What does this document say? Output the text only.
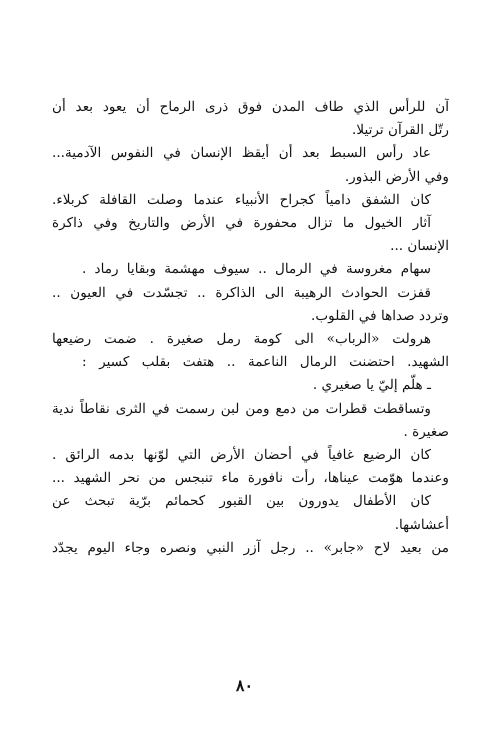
آن للرأس الذي طاف المدن فوق ذرى الرماح أن يعود بعد أن
رتّل القرآن ترتيلا.
عاد رأس السبط بعد أن أيقظ الإنسان في النفوس الآدمية...
وفي الأرض البذور.
كان الشفق دامياً كجراح الأنبياء عندما وصلت القافلة كربلاء.
آثار الخيول ما تزال محفورة في الأرض والتاريخ وفي ذاكرة
الإنسان ...
سهام مغروسة في الرمال .. سيوف مهشمة وبقايا رماد .
قفزت الحوادث الرهيبة الى الذاكرة .. تجسّدت في العيون ..
وتردد صداها في القلوب.
هرولت «الرباب» الى كومة رمل صغيرة . ضمت رضيعها
الشهيد. احتضنت الرمال الناعمة .. هتفت بقلب كسير :
ـ هلّم إليّ يا صغيري .
وتساقطت قطرات من دمع ومن لبن رسمت في الثرى نقاطاً ندية
صغيرة .
كان الرضيع غافياً في أحضان الأرض التي لوّنها بدمه الرائق .
وعندما هوّمت عيناها، رأت نافورة ماء تنبجس من نحر الشهيد ...
كان الأطفال يدورون بين القبور كحمائم برّية تبحث عن
أعشاشها.
من بعيد لاح «جابر» .. رجل آزر النبي ونصره وجاء اليوم يجدّد
٨٠
